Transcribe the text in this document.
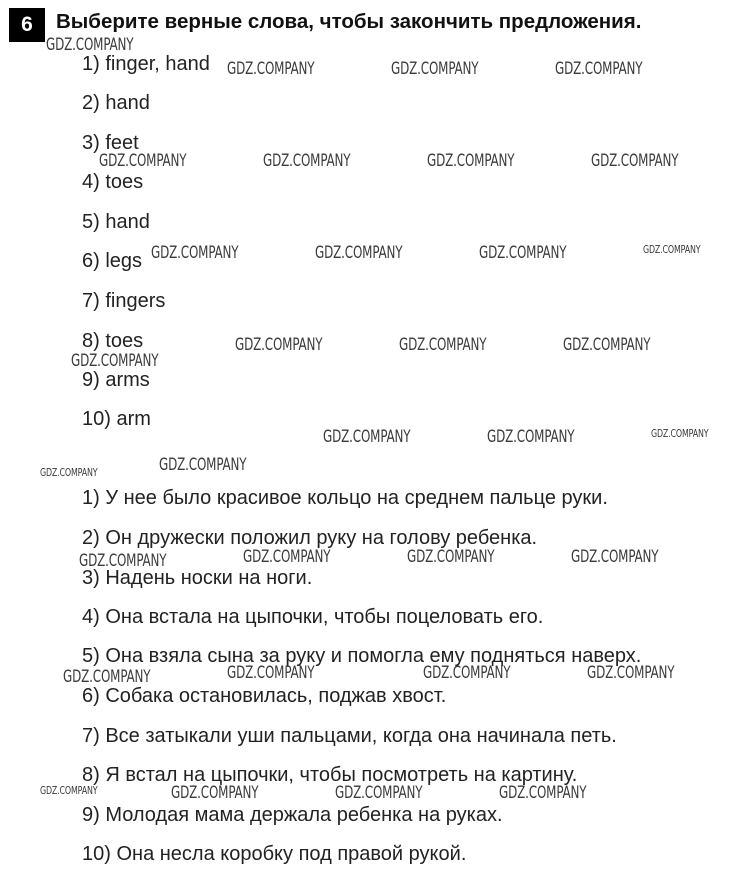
6 Выберите верные слова, чтобы закончить предложения.
1) finger, hand
2) hand
3) feet
4) toes
5) hand
6) legs
7) fingers
8) toes
9) arms
10) arm
1) У нее было красивое кольцо на среднем пальце руки.
2) Он дружески положил руку на голову ребенка.
3) Надень носки на ноги.
4) Она встала на цыпочки, чтобы поцеловать его.
5) Она взяла сына за руку и помогла ему подняться наверх.
6) Собака остановилась, поджав хвост.
7) Все затыкали уши пальцами, когда она начинала петь.
8) Я встал на цыпочки, чтобы посмотреть на картину.
9) Молодая мама держала ребенка на руках.
10) Она несла коробку под правой рукой.
GDZ.COMPANY
GDZ.COMPANY	GDZ.COMPANY	GDZ.COMPANY
GDZ.COMPANY	GDZ.COMPANY	GDZ.COMPANY	GDZ.COMPANY
GDZ.COMPANY	GDZ.COMPANY	GDZ.COMPANY	GDZ.COMPANY
GDZ.COMPANY	GDZ.COMPANY	GDZ.COMPANY
GDZ.COMPANY
GDZ.COMPANY	GDZ.COMPANY	GDZ.COMPANY
GDZ.COMPANY	GDZ.COMPANY
GDZ.COMPANY	GDZ.COMPANY	GDZ.COMPANY	GDZ.COMPANY
GDZ.COMPANY	GDZ.COMPANY	GDZ.COMPANY	GDZ.COMPANY
GDZ.COMPANY	GDZ.COMPANY	GDZ.COMPANY	GDZ.COMPANY
